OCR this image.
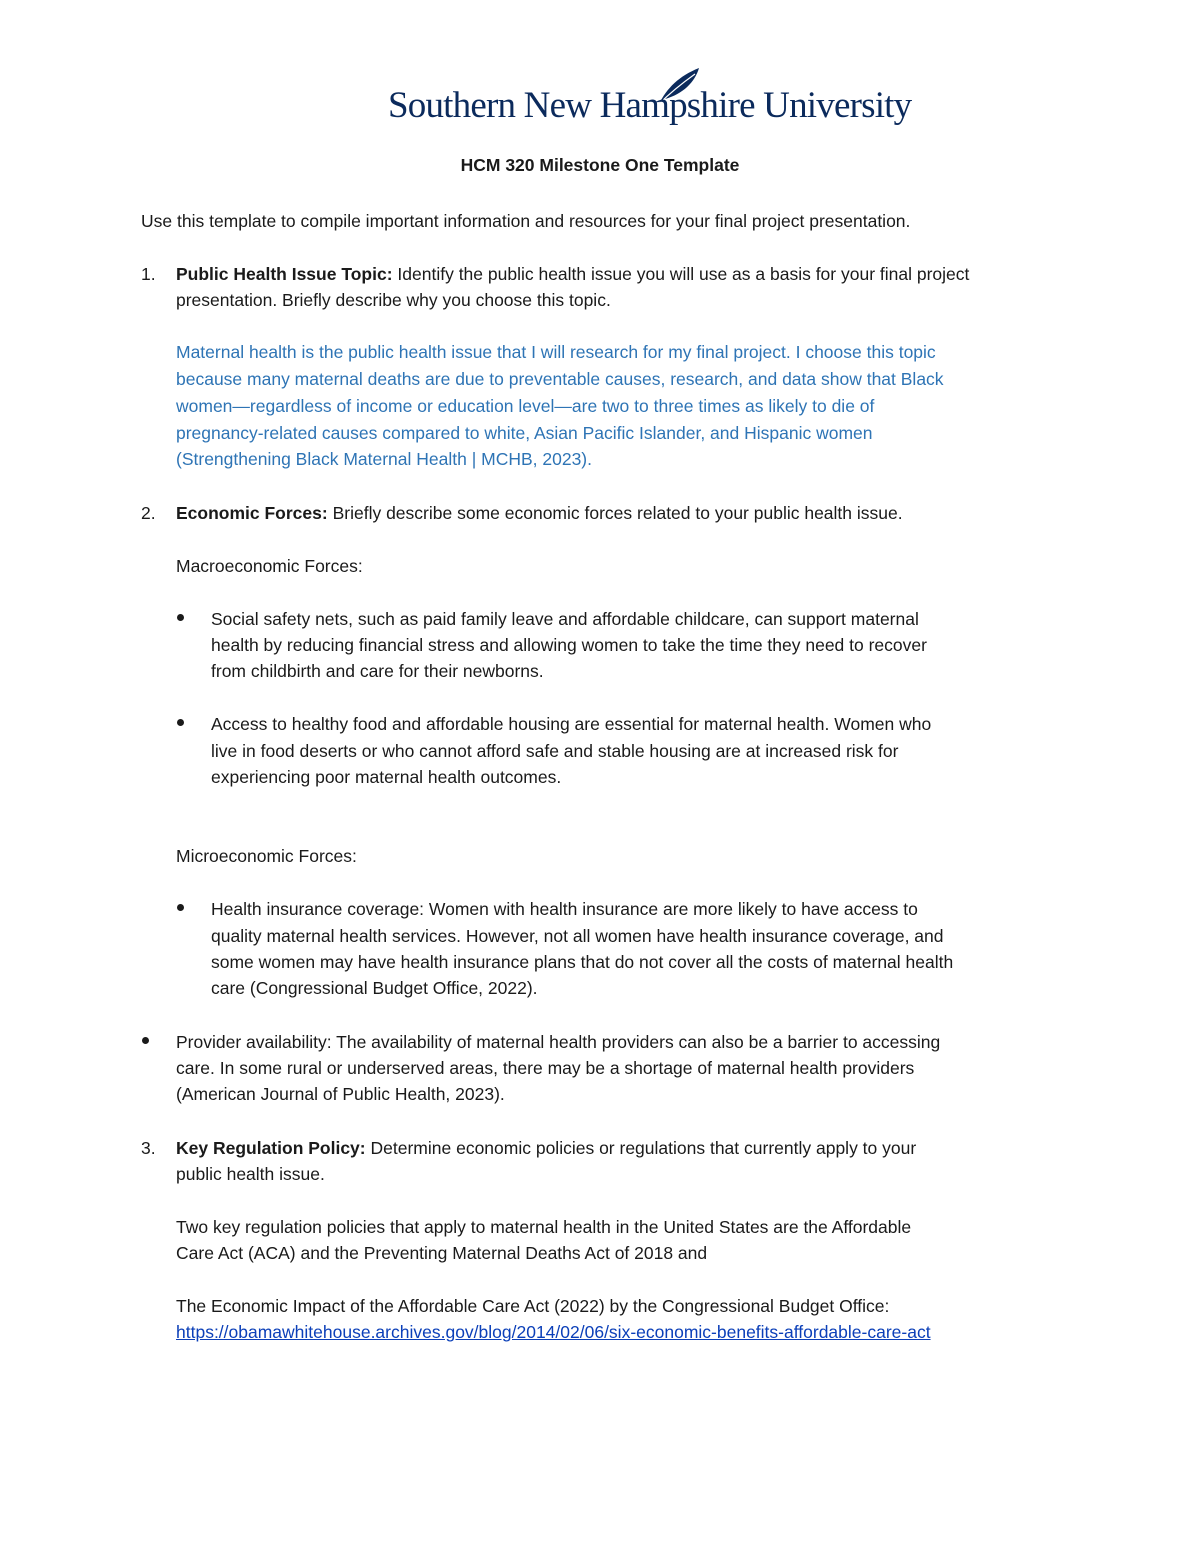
Southern New Hampshire University
HCM 320 Milestone One Template
Use this template to compile important information and resources for your final project presentation.
1. Public Health Issue Topic: Identify the public health issue you will use as a basis for your final project
presentation. Briefly describe why you choose this topic.
Maternal health is the public health issue that I will research for my final project. I choose this topic
because many maternal deaths are due to preventable causes, research, and data show that Black
women—regardless of income or education level—are two to three times as likely to die of
pregnancy-related causes compared to white, Asian Pacific Islander, and Hispanic women
(Strengthening Black Maternal Health | MCHB, 2023).
2. Economic Forces: Briefly describe some economic forces related to your public health issue.
Macroeconomic Forces:
Social safety nets, such as paid family leave and affordable childcare, can support maternal
health by reducing financial stress and allowing women to take the time they need to recover
from childbirth and care for their newborns.
Access to healthy food and affordable housing are essential for maternal health. Women who
live in food deserts or who cannot afford safe and stable housing are at increased risk for
experiencing poor maternal health outcomes.
Microeconomic Forces:
Health insurance coverage: Women with health insurance are more likely to have access to
quality maternal health services. However, not all women have health insurance coverage, and
some women may have health insurance plans that do not cover all the costs of maternal health
care (Congressional Budget Office, 2022).
Provider availability: The availability of maternal health providers can also be a barrier to accessing
care. In some rural or underserved areas, there may be a shortage of maternal health providers
(American Journal of Public Health, 2023).
3. Key Regulation Policy: Determine economic policies or regulations that currently apply to your
public health issue.
Two key regulation policies that apply to maternal health in the United States are the Affordable
Care Act (ACA) and the Preventing Maternal Deaths Act of 2018 and
The Economic Impact of the Affordable Care Act (2022) by the Congressional Budget Office:
https://obamawhitehouse.archives.gov/blog/2014/02/06/six-economic-benefits-affordable-care-act
